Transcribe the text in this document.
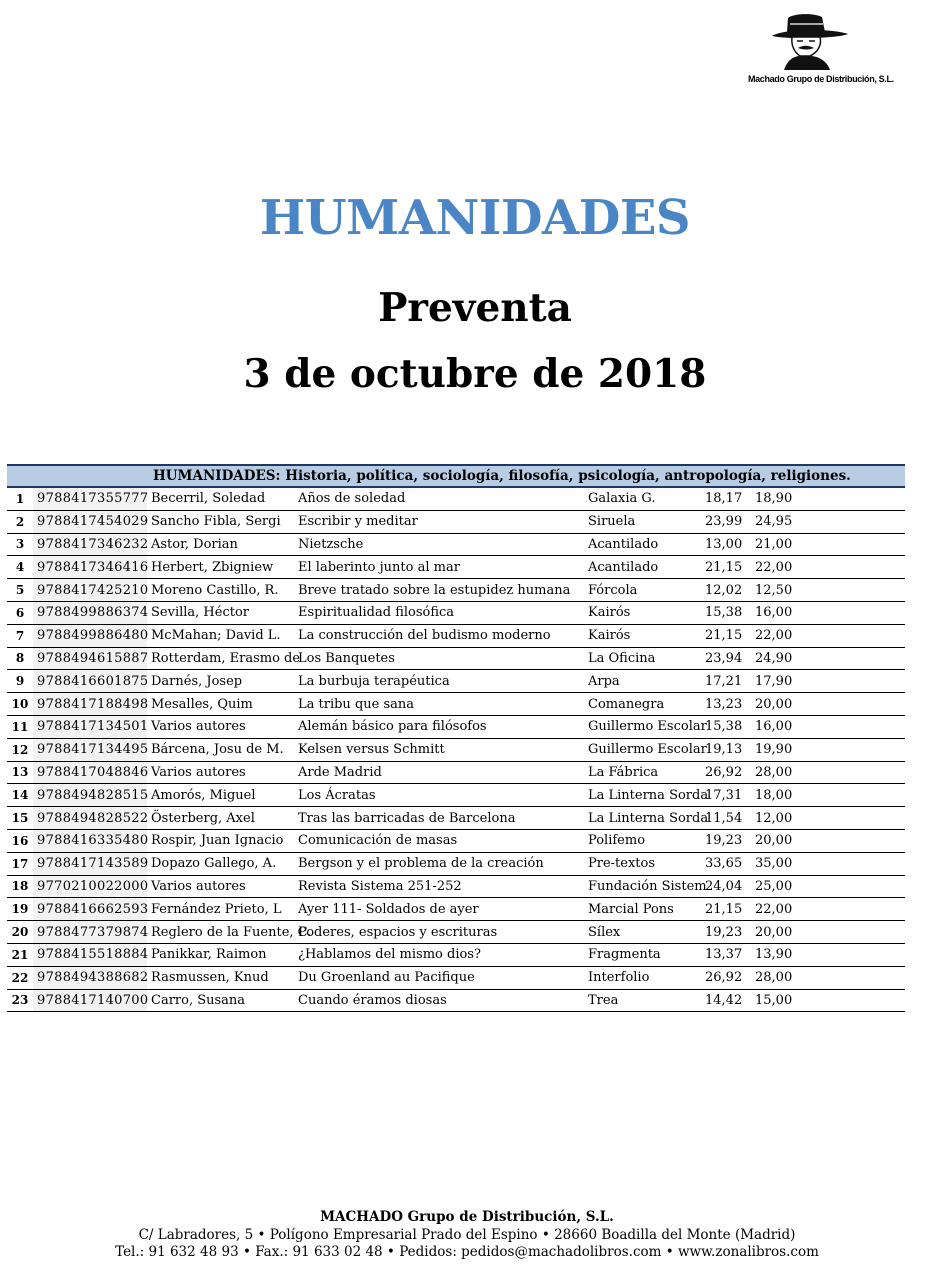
Machado Grupo de Distribución, S.L.
HUMANIDADES
Preventa
3 de octubre de 2018
HUMANIDADES: Historia, política, sociología, filosofía, psicología, antropología, religiones.						
1	9788417355777	Becerril, Soledad	Años de soledad	Galaxia G.	18,17	18,90
2	9788417454029	Sancho Fibla, Sergi	Escribir y meditar	Siruela	23,99	24,95
3	9788417346232	Astor, Dorian	Nietzsche	Acantilado	13,00	21,00
4	9788417346416	Herbert, Zbigniew	El laberinto junto al mar	Acantilado	21,15	22,00
5	9788417425210	Moreno Castillo, R.	Breve tratado sobre la estupidez humana	Fórcola	12,02	12,50
6	9788499886374	Sevilla, Héctor	Espiritualidad filosófica	Kairós	15,38	16,00
7	9788499886480	McMahan; David L.	La construcción del budismo moderno	Kairós	21,15	22,00
8	9788494615887	Rotterdam, Erasmo de	Los Banquetes	La Oficina	23,94	24,90
9	9788416601875	Darnés, Josep	La burbuja terapéutica	Arpa	17,21	17,90
10	9788417188498	Mesalles, Quim	La tribu que sana	Comanegra	13,23	20,00
11	9788417134501	Varios autores	Alemán básico para filósofos	Guillermo Escolar	15,38	16,00
12	9788417134495	Bárcena, Josu de M.	Kelsen versus Schmitt	Guillermo Escolar	19,13	19,90
13	9788417048846	Varios autores	Arde Madrid	La Fábrica	26,92	28,00
14	9788494828515	Amorós, Miguel	Los Ácratas	La Linterna Sorda	17,31	18,00
15	9788494828522	Österberg, Axel	Tras las barricadas de Barcelona	La Linterna Sorda	11,54	12,00
16	9788416335480	Rospir, Juan Ignacio	Comunicación de masas	Polifemo	19,23	20,00
17	9788417143589	Dopazo Gallego, A.	Bergson y el problema de la creación	Pre-textos	33,65	35,00
18	9770210022000	Varios autores	Revista Sistema 251-252	Fundación Sistem	24,04	25,00
19	9788416662593	Fernández Prieto, L	Ayer 111- Soldados de ayer	Marcial Pons	21,15	22,00
20	9788477379874	Reglero de la Fuente, C.	Poderes, espacios y escrituras	Sílex	19,23	20,00
21	9788415518884	Panikkar, Raimon	¿Hablamos del mismo dios?	Fragmenta	13,37	13,90
22	9788494388682	Rasmussen, Knud	Du Groenland au Pacifique	Interfolio	26,92	28,00
23	9788417140700	Carro, Susana	Cuando éramos diosas	Trea	14,42	15,00
MACHADO Grupo de Distribución, S.L.
C/ Labradores, 5 • Polígono Empresarial Prado del Espino • 28660 Boadilla del Monte (Madrid)
Tel.: 91 632 48 93 • Fax.: 91 633 02 48 • Pedidos: pedidos@machadolibros.com • www.zonalibros.com
